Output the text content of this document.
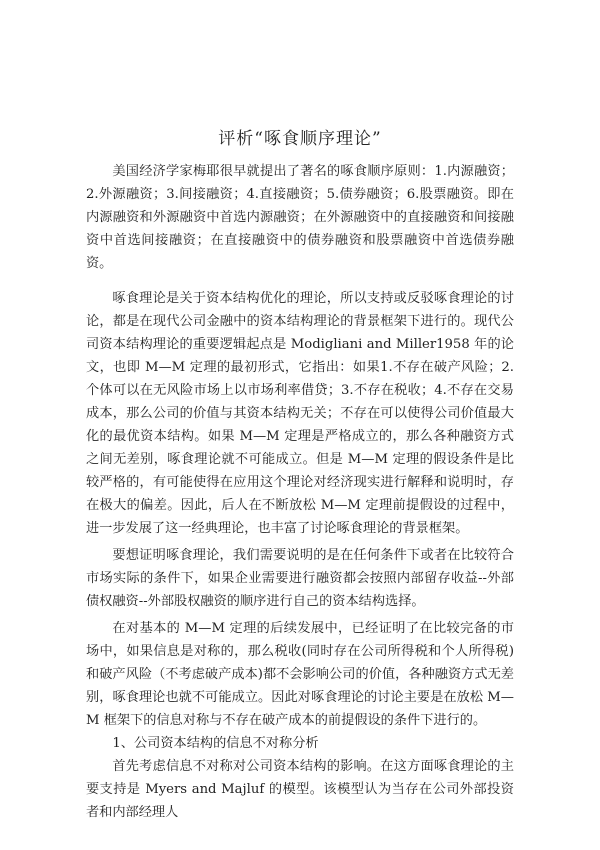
评析“啄食顺序理论”

美国经济学家梅耶很早就提出了著名的啄食顺序原则：1.内源融资；2.外源融资；3.间接融资；4.直接融资；5.债券融资；6.股票融资。即在内源融资和外源融资中首选内源融资；在外源融资中的直接融资和间接融资中首选间接融资；在直接融资中的债券融资和股票融资中首选债券融资。

啄食理论是关于资本结构优化的理论，所以支持或反驳啄食理论的讨论，都是在现代公司金融中的资本结构理论的背景框架下进行的。现代公司资本结构理论的重要逻辑起点是 Modigliani and Miller1958 年的论文，也即 M—M 定理的最初形式，它指出：如果1.不存在破产风险；2.个体可以在无风险市场上以市场利率借贷；3.不存在税收；4.不存在交易成本，那么公司的价值与其资本结构无关；不存在可以使得公司价值最大化的最优资本结构。如果 M—M 定理是严格成立的，那么各种融资方式之间无差别，啄食理论就不可能成立。但是 M—M 定理的假设条件是比较严格的，有可能使得在应用这个理论对经济现实进行解释和说明时，存在极大的偏差。因此，后人在不断放松 M—M 定理前提假设的过程中，进一步发展了这一经典理论，也丰富了讨论啄食理论的背景框架。

要想证明啄食理论，我们需要说明的是在任何条件下或者在比较符合市场实际的条件下，如果企业需要进行融资都会按照内部留存收益--外部债权融资--外部股权融资的顺序进行自己的资本结构选择。

在对基本的 M—M 定理的后续发展中，已经证明了在比较完备的市场中，如果信息是对称的，那么税收(同时存在公司所得税和个人所得税)和破产风险（不考虑破产成本)都不会影响公司的价值，各种融资方式无差别，啄食理论也就不可能成立。因此对啄食理论的讨论主要是在放松 M—M 框架下的信息对称与不存在破产成本的前提假设的条件下进行的。

1、公司资本结构的信息不对称分析

首先考虑信息不对称对公司资本结构的影响。在这方面啄食理论的主要支持是 Myers and Majluf 的模型。该模型认为当存在公司外部投资者和内部经理人
